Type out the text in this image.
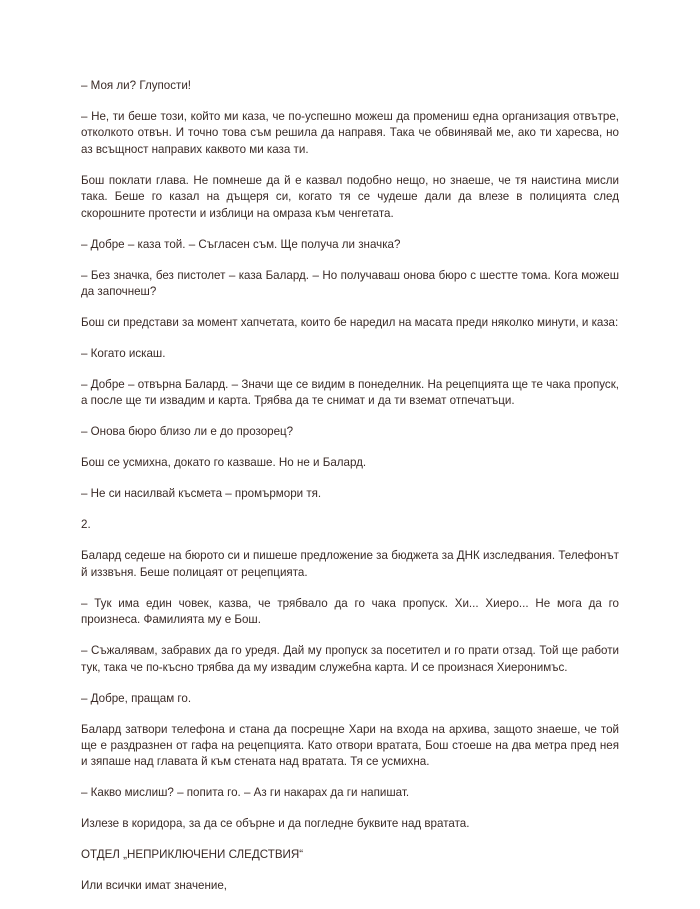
– Моя ли? Глупости!

– Не, ти беше този, който ми каза, че по-успешно можеш да промениш една организация отвътре, отколкото отвън. И точно това съм решила да направя. Така че обвинявай ме, ако ти харесва, но аз всъщност направих каквото ми каза ти.

Бош поклати глава. Не помнеше да й е казвал подобно нещо, но знаеше, че тя наистина мисли така. Беше го казал на дъщеря си, когато тя се чудеше дали да влезе в полицията след скорошните протести и изблици на омраза към ченгетата.

– Добре – каза той. – Съгласен съм. Ще получа ли значка?

– Без значка, без пистолет – каза Балард. – Но получаваш онова бюро с шестте тома. Кога можеш да започнеш?

Бош си представи за момент хапчетата, които бе наредил на масата преди няколко минути, и каза:

– Когато искаш.

– Добре – отвърна Балард. – Значи ще се видим в понеделник. На рецепцията ще те чака пропуск, а после ще ти извадим и карта. Трябва да те снимат и да ти вземат отпечатъци.

– Онова бюро близо ли е до прозорец?

Бош се усмихна, докато го казваше. Но не и Балард.

– Не си насилвай късмета – промърмори тя.

2.

Балард седеше на бюрото си и пишеше предложение за бюджета за ДНК изследвания. Телефонът й иззвъня. Беше полицаят от рецепцията.

– Тук има един човек, казва, че трябвало да го чака пропуск. Хи... Хиеро... Не мога да го произнеса. Фамилията му е Бош.

– Съжалявам, забравих да го уредя. Дай му пропуск за посетител и го прати отзад. Той ще работи тук, така че по-късно трябва да му извадим служебна карта. И се произнася Хиеронимъс.

– Добре, пращам го.

Балард затвори телефона и стана да посрещне Хари на входа на архива, защото знаеше, че той ще е раздразнен от гафа на рецепцията. Като отвори вратата, Бош стоеше на два метра пред нея и зяпаше над главата й към стената над вратата. Тя се усмихна.

– Какво мислиш? – попита го. – Аз ги накарах да ги напишат.

Излезе в коридора, за да се обърне и да погледне буквите над вратата.

ОТДЕЛ „НЕПРИКЛЮЧЕНИ СЛЕДСТВИЯ“

Или всички имат значение,
